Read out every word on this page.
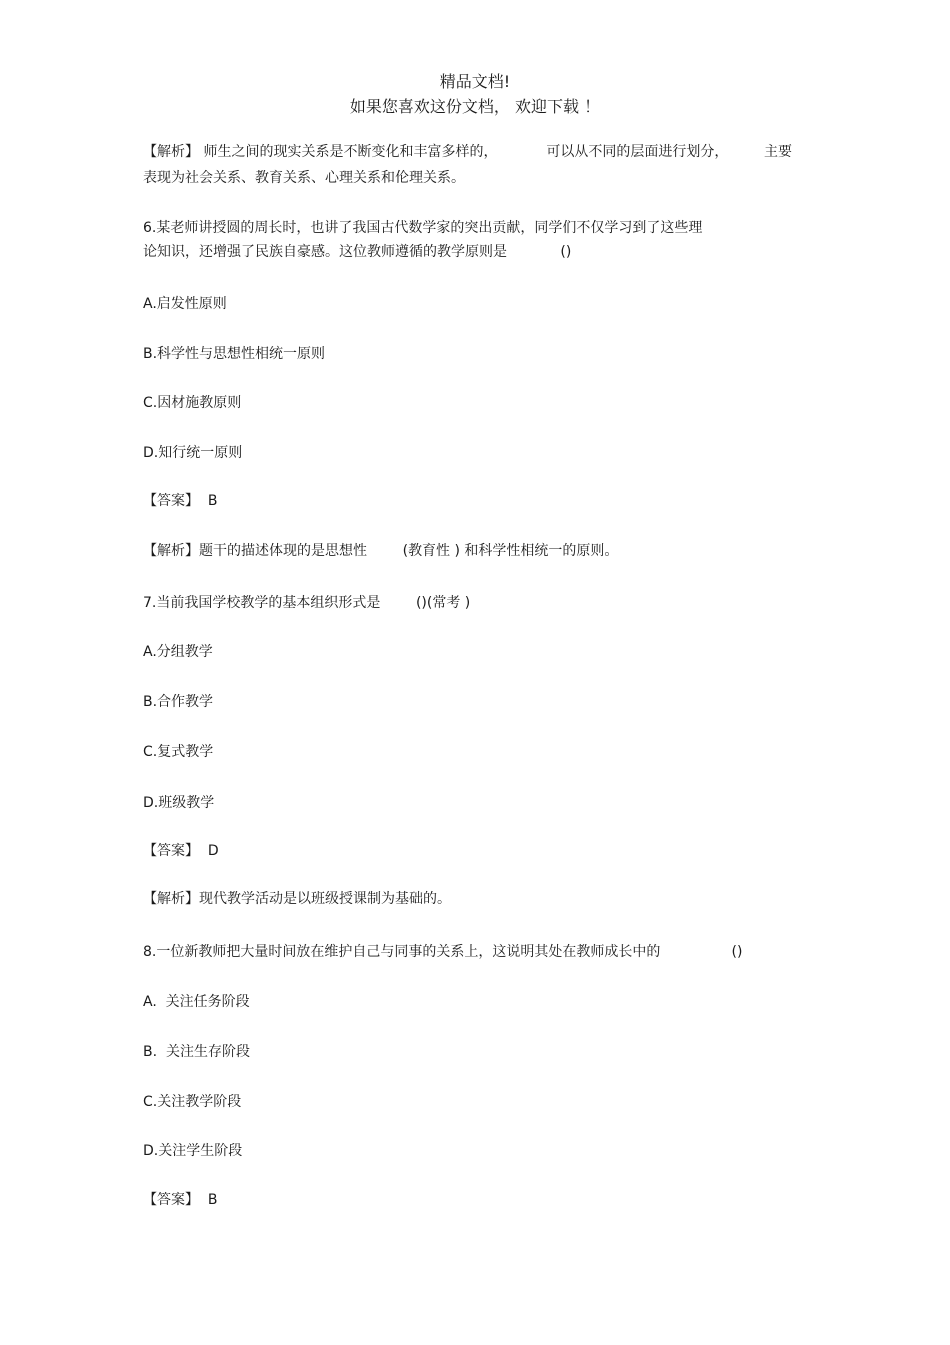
精品文档!
如果您喜欢这份文档， 欢迎下载 ！
【解析】 师生之间的现实关系是不断变化和丰富多样的，           可以从不同的层面进行划分，        主要
表现为社会关系、教育关系、心理关系和伦理关系。
6.某老师讲授圆的周长时，也讲了我国古代数学家的突出贡献，同学们不仅学习到了这些理
论知识，还增强了民族自豪感。这位教师遵循的教学原则是            ()
A.启发性原则
B.科学性与思想性相统一原则
C.因材施教原则
D.知行统一原则
【答案】  B
【解析】题干的描述体现的是思想性        (教育性 ) 和科学性相统一的原则。
7.当前我国学校教学的基本组织形式是        ()(常考 )
A.分组教学
B.合作教学
C.复式教学
D.班级教学
【答案】  D
【解析】现代教学活动是以班级授课制为基础的。
8.一位新教师把大量时间放在维护自己与同事的关系上，这说明其处在教师成长中的                ()
A.  关注任务阶段
B.  关注生存阶段
C.关注教学阶段
D.关注学生阶段
【答案】  B
